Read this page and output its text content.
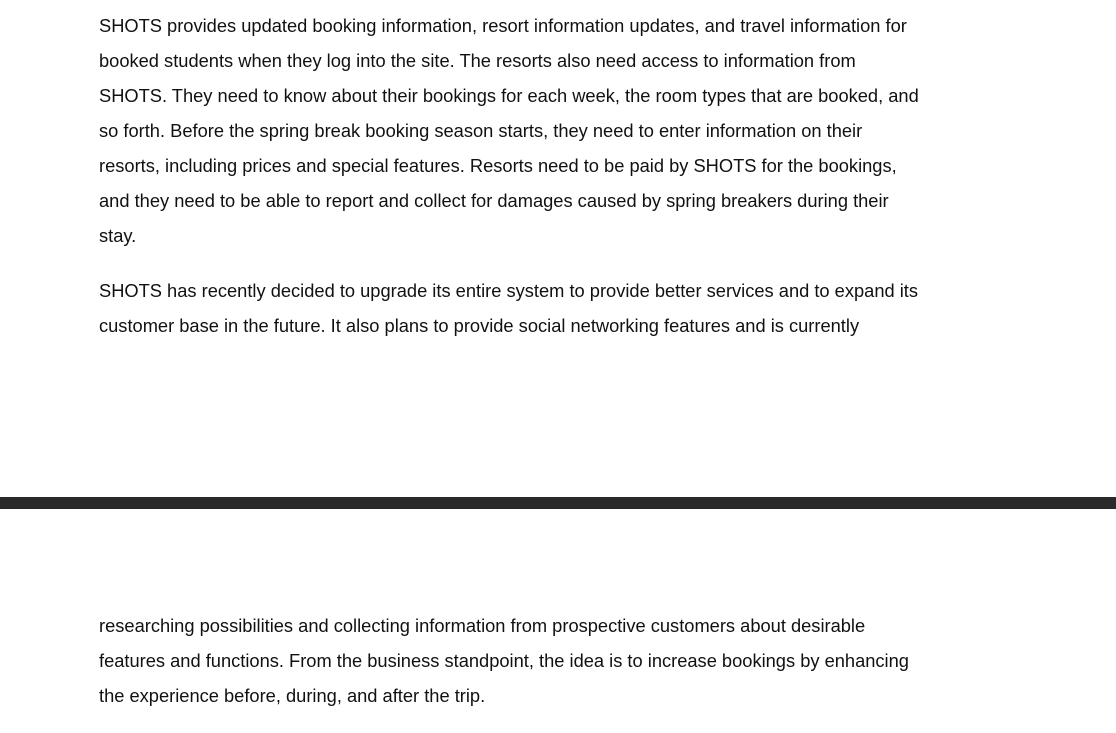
SHOTS provides updated booking information, resort information updates, and travel information for
booked students when they log into the site. The resorts also need access to information from
SHOTS. They need to know about their bookings for each week, the room types that are booked, and
so forth. Before the spring break booking season starts, they need to enter information on their
resorts, including prices and special features. Resorts need to be paid by SHOTS for the bookings,
and they need to be able to report and collect for damages caused by spring breakers during their
stay.

SHOTS has recently decided to upgrade its entire system to provide better services and to expand its
customer base in the future. It also plans to provide social networking features and is currently

researching possibilities and collecting information from prospective customers about desirable
features and functions. From the business standpoint, the idea is to increase bookings by enhancing
the experience before, during, and after the trip.
